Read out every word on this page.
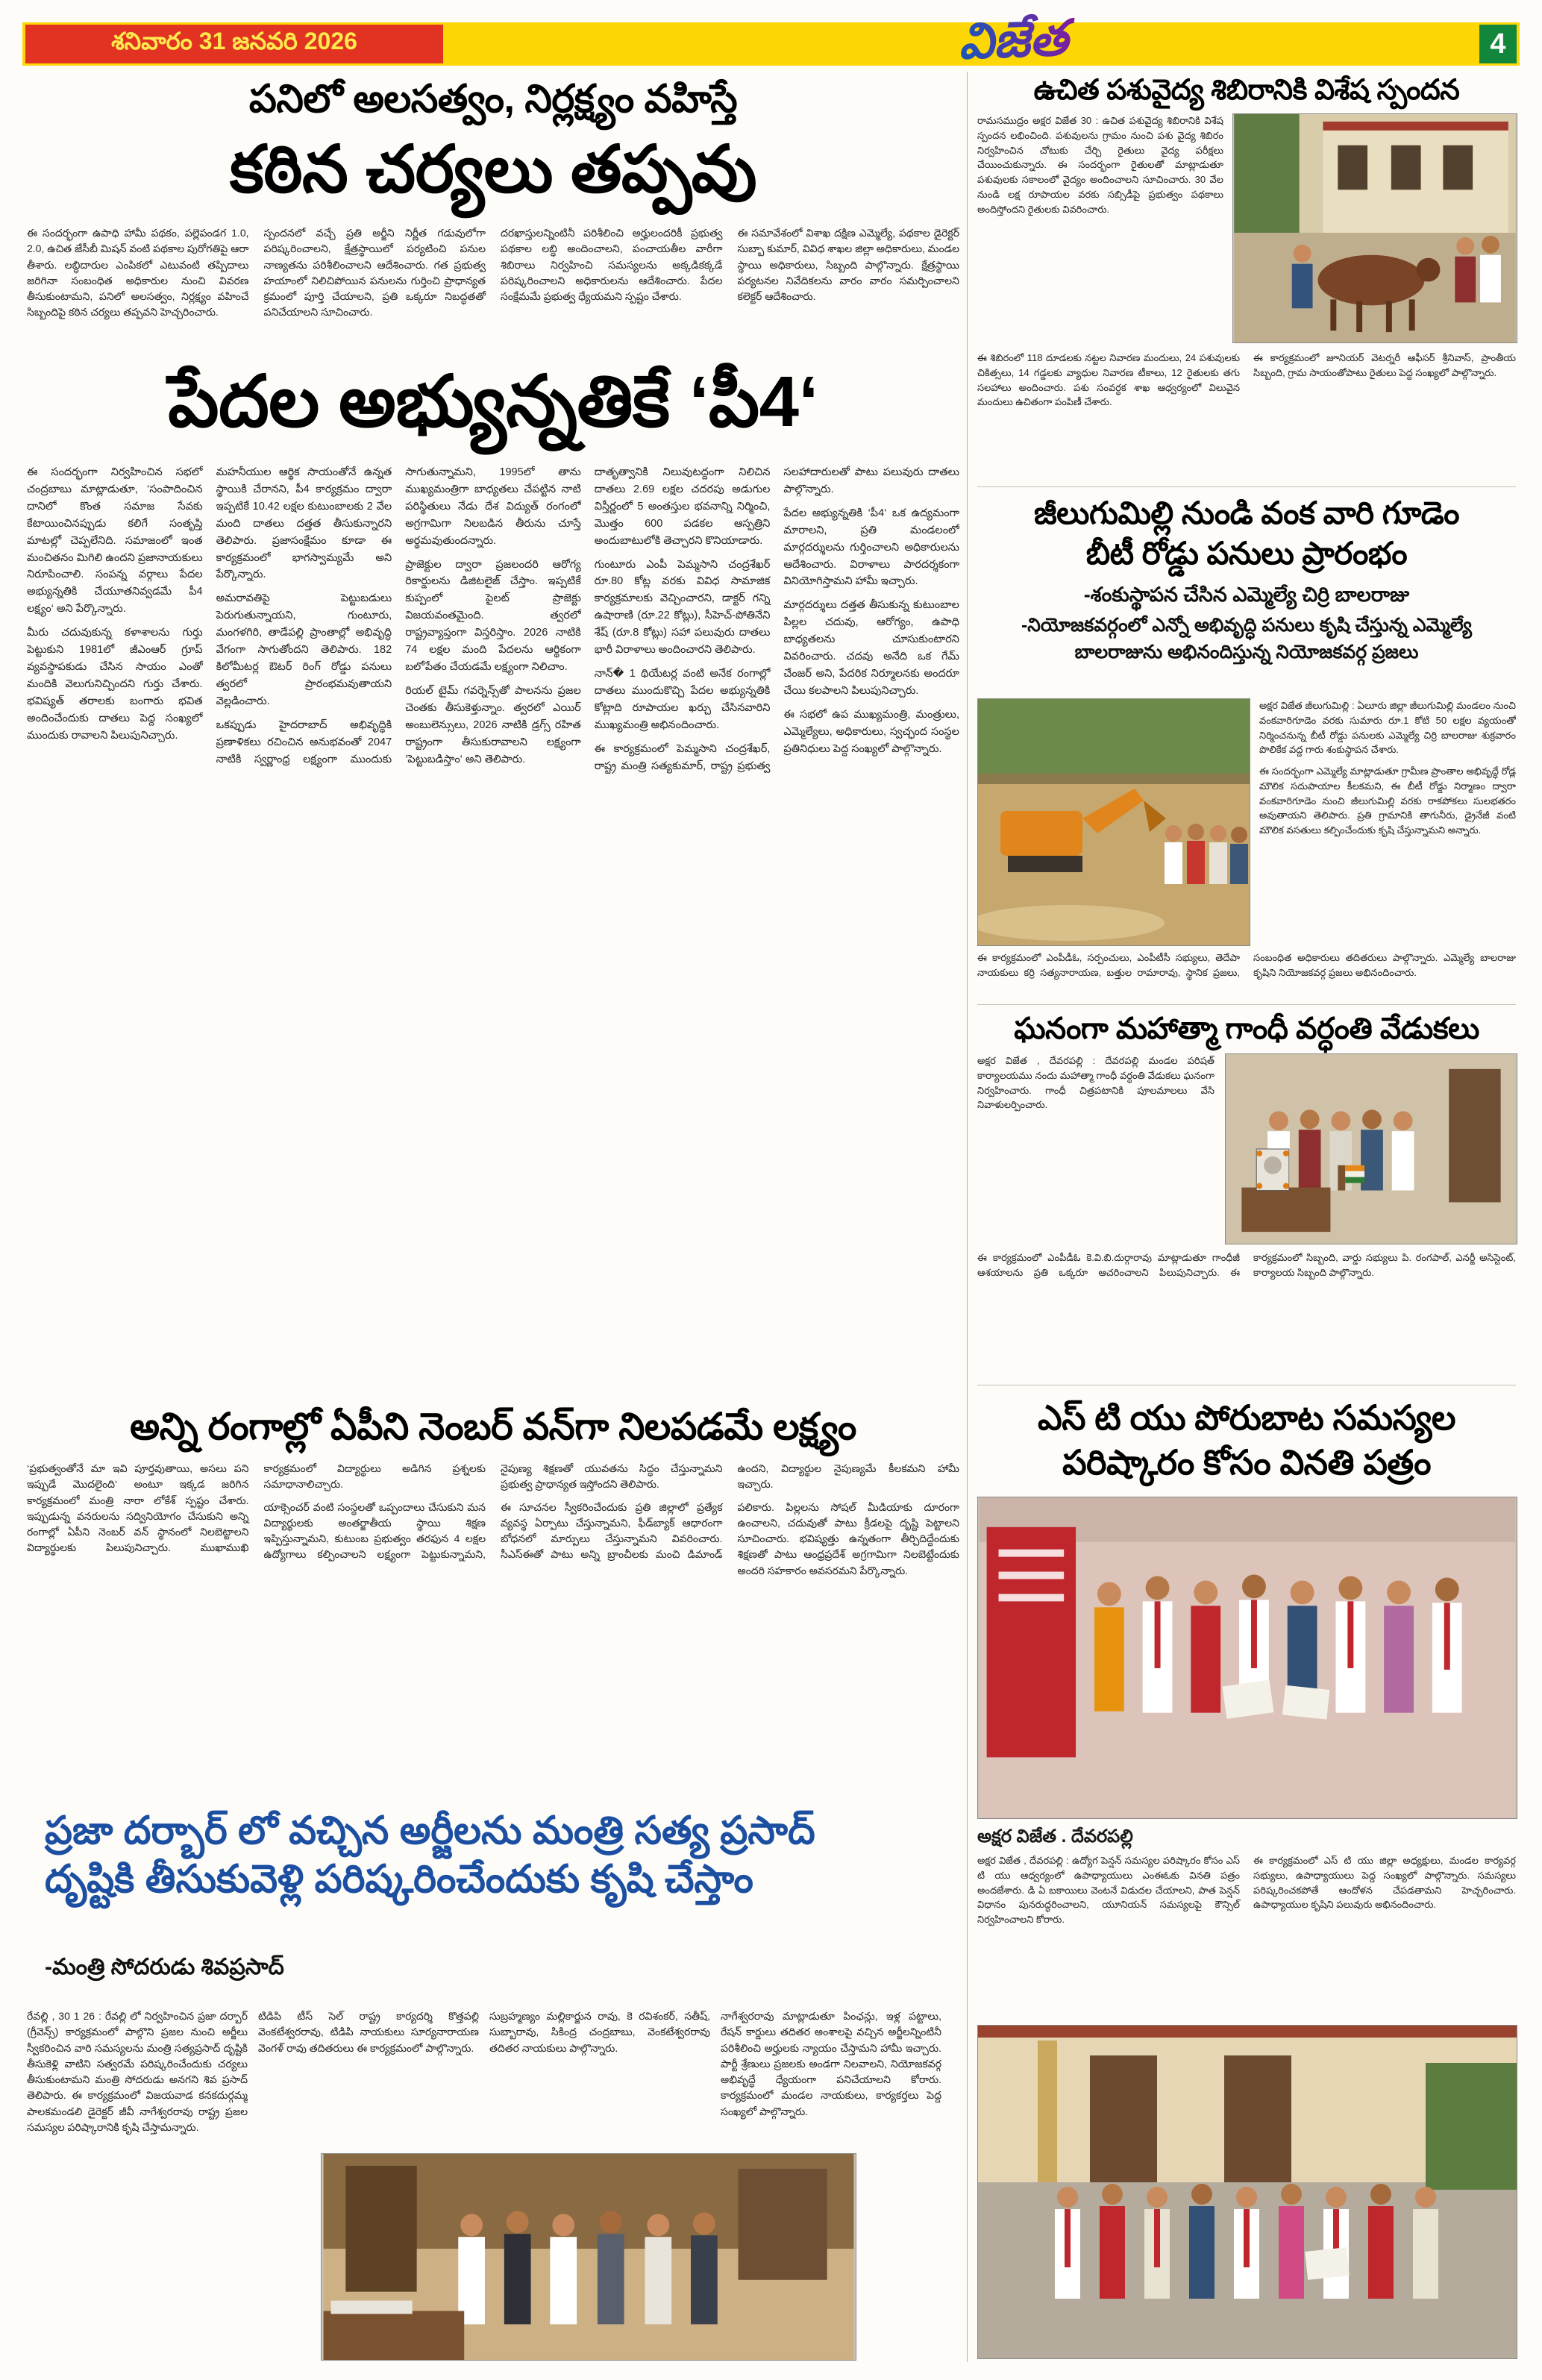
శనివారం 31 జనవరి 2026	విజేత	4
పనిలో అలసత్వం, నిర్లక్ష్యం వహిస్తే
కఠిన చర్యలు తప్పవు

ఈ సందర్భంగా ఉపాధి హామీ పథకం, పల్లెపండగ 1.0, 2.0, ఉచిత జేసీబీ మిషన్ వంటి పథకాల పురోగతిపై ఆరా తీశారు. లబ్ధిదారుల ఎంపికలో ఎటువంటి తప్పిదాలు జరిగినా సంబంధిత అధికారుల నుంచి వివరణ తీసుకుంటామని, పనిలో అలసత్వం, నిర్లక్ష్యం వహించే సిబ్బందిపై కఠిన చర్యలు తప్పవని హెచ్చరించారు.

స్పందనలో వచ్చే ప్రతి అర్జీని నిర్ణీత గడువులోగా పరిష్కరించాలని, క్షేత్రస్థాయిలో పర్యటించి పనుల నాణ్యతను పరిశీలించాలని ఆదేశించారు. గత ప్రభుత్వ హయాంలో నిలిచిపోయిన పనులను గుర్తించి ప్రాధాన్యత క్రమంలో పూర్తి చేయాలని, ప్రతి ఒక్కరూ నిబద్ధతతో పనిచేయాలని సూచించారు.

దరఖాస్తులన్నింటినీ పరిశీలించి అర్హులందరికీ ప్రభుత్వ పథకాల లబ్ధి అందించాలని, పంచాయతీల వారీగా శిబిరాలు నిర్వహించి సమస్యలను అక్కడికక్కడే పరిష్కరించాలని అధికారులను ఆదేశించారు. పేదల సంక్షేమమే ప్రభుత్వ ధ్యేయమని స్పష్టం చేశారు.

ఈ సమావేశంలో విశాఖ దక్షిణ ఎమ్మెల్యే, పథకాల డైరెక్టర్ సుబ్బా కుమార్, వివిధ శాఖల జిల్లా అధికారులు, మండల స్థాయి అధికారులు, సిబ్బంది పాల్గొన్నారు. క్షేత్రస్థాయి పర్యటనల నివేదికలను వారం వారం సమర్పించాలని కలెక్టర్ ఆదేశించారు.

పేదల అభ్యున్నతికే ‘పీ4‘

ఈ సందర్భంగా నిర్వహించిన సభలో చంద్రబాబు మాట్లాడుతూ, ‘సంపాదించిన దానిలో కొంత సమాజ సేవకు కేటాయించినప్పుడు కలిగే సంతృప్తి మాటల్లో చెప్పలేనిది. సమాజంలో ఇంత మంచితనం మిగిలి ఉందని ప్రజానాయకులు నిరూపించాలి. సంపన్న వర్గాలు పేదల అభ్యున్నతికి చేయూతనివ్వడమే పీ4 లక్ష్యం‘ అని పేర్కొన్నారు.

మీరు చదువుకున్న కళాశాలను గుర్తు పెట్టుకుని 1981లో జీఎంఆర్ గ్రూప్ వ్యవస్థాపకుడు చేసిన సాయం ఎంతో మందికి వెలుగునిచ్చిందని గుర్తు చేశారు. భవిష్యత్ తరాలకు బంగారు భవిత అందించేందుకు దాతలు పెద్ద సంఖ్యలో ముందుకు రావాలని పిలుపునిచ్చారు.

మహనీయుల ఆర్థిక సాయంతోనే ఉన్నత స్థాయికి చేరానని, పీ4 కార్యక్రమం ద్వారా ఇప్పటికే 10.42 లక్షల కుటుంబాలకు 2 వేల మంది దాతలు దత్తత తీసుకున్నారని తెలిపారు. ప్రజాసంక్షేమం కూడా ఈ కార్యక్రమంలో భాగస్వామ్యమే అని పేర్కొన్నారు.

అమరావతిపై పెట్టుబడులు పెరుగుతున్నాయని, గుంటూరు, మంగళగిరి, తాడేపల్లి ప్రాంతాల్లో అభివృద్ధి వేగంగా సాగుతోందని తెలిపారు. 182 కిలోమీటర్ల ఔటర్ రింగ్ రోడ్డు పనులు త్వరలో ప్రారంభమవుతాయని వెల్లడించారు.

ఒకప్పుడు హైదరాబాద్ అభివృద్ధికి ప్రణాళికలు రచించిన అనుభవంతో 2047 నాటికి స్వర్ణాంధ్ర లక్ష్యంగా ముందుకు సాగుతున్నామని, 1995లో తాను ముఖ్యమంత్రిగా బాధ్యతలు చేపట్టిన నాటి పరిస్థితులు నేడు దేశ విద్యుత్ రంగంలో అగ్రగామిగా నిలబడిన తీరును చూస్తే అర్థమవుతుందన్నారు.

ప్రాజెక్టుల ద్వారా ప్రజలందరి ఆరోగ్య రికార్డులను డిజిటలైజ్ చేస్తాం. ఇప్పటికే కుప్పంలో పైలట్ ప్రాజెక్టు విజయవంతమైంది. త్వరలో రాష్ట్రవ్యాప్తంగా విస్తరిస్తాం. 2026 నాటికి 74 లక్షల మంది పేదలను ఆర్థికంగా బలోపేతం చేయడమే లక్ష్యంగా నిలిచాం.

రియల్ టైమ్ గవర్నెన్స్‌తో పాలనను ప్రజల చెంతకు తీసుకెళ్తున్నాం. త్వరలో ఎయిర్ అంబులెన్సులు, 2026 నాటికి డ్రగ్స్ రహిత రాష్ట్రంగా తీసుకురావాలని లక్ష్యంగా ‘పెట్టుబడిస్తాం‘ అని తెలిపారు.

దాతృత్వానికి నిలువుటద్దంగా నిలిచిన దాతలు 2.69 లక్షల చదరపు అడుగుల విస్తీర్ణంలో 5 అంతస్తుల భవనాన్ని నిర్మించి, మొత్తం 600 పడకల ఆస్పత్రిని అందుబాటులోకి తెచ్చారని కొనియాడారు.

గుంటూరు ఎంపీ పెమ్మసాని చంద్రశేఖర్ రూ.80 కోట్ల వరకు వివిధ సామాజిక కార్యక్రమాలకు వెచ్చించారని, డాక్టర్ గన్ని ఉషారాణి (రూ.22 కోట్లు), సీహెచ్-పోతినేని శేష్ (రూ.8 కోట్లు) సహా పలువురు దాతలు భారీ విరాళాలు అందించారని తెలిపారు.

నాన్� 1 థియేటర్ల వంటి అనేక రంగాల్లో దాతలు ముందుకొచ్చి పేదల అభ్యున్నతికి కోట్లాది రూపాయల ఖర్చు చేసినవారిని ముఖ్యమంత్రి అభినందించారు.

ఈ కార్యక్రమంలో పెమ్మసాని చంద్రశేఖర్, రాష్ట్ర మంత్రి సత్యకుమార్, రాష్ట్ర ప్రభుత్వ సలహాదారులతో పాటు పలువురు దాతలు పాల్గొన్నారు.

పేదల అభ్యున్నతికి ‘పీ4‘ ఒక ఉద్యమంగా మారాలని, ప్రతి మండలంలో మార్గదర్శులను గుర్తించాలని అధికారులను ఆదేశించారు. విరాళాలు పారదర్శకంగా వినియోగిస్తామని హామీ ఇచ్చారు.

మార్గదర్శులు దత్తత తీసుకున్న కుటుంబాల పిల్లల చదువు, ఆరోగ్యం, ఉపాధి బాధ్యతలను చూసుకుంటారని వివరించారు. చదవు అనేది ఒక గేమ్ చేంజర్ అని, పేదరిక నిర్మూలనకు అందరూ చేయి కలపాలని పిలుపునిచ్చారు.

ఈ సభలో ఉప ముఖ్యమంత్రి, మంత్రులు, ఎమ్మెల్యేలు, అధికారులు, స్వచ్ఛంద సంస్థల ప్రతినిధులు పెద్ద సంఖ్యలో పాల్గొన్నారు.

అన్ని రంగాల్లో ఏపీని నెంబర్ వన్‌గా నిలపడమే లక్ష్యం

‘ప్రభుత్వంతోనే మా ఇవి పూర్తవుతాయి, అసలు పని ఇప్పుడే మొదలైంది‘ అంటూ ఇక్కడ జరిగిన కార్యక్రమంలో మంత్రి నారా లోకేశ్ స్పష్టం చేశారు. ఇప్పుడున్న వనరులను సద్వినియోగం చేసుకుని అన్ని రంగాల్లో ఏపీని నెంబర్ వన్ స్థానంలో నిలబెట్టాలని విద్యార్థులకు పిలుపునిచ్చారు. ముఖాముఖి కార్యక్రమంలో విద్యార్థులు అడిగిన ప్రశ్నలకు సమాధానాలిచ్చారు.

యాక్సెంచర్ వంటి సంస్థలతో ఒప్పందాలు చేసుకుని మన విద్యార్థులకు అంతర్జాతీయ స్థాయి శిక్షణ ఇప్పిస్తున్నామని, కుటుంబ ప్రభుత్వం తరఫున 4 లక్షల ఉద్యోగాలు కల్పించాలని లక్ష్యంగా పెట్టుకున్నామని, నైపుణ్య శిక్షణతో యువతను సిద్ధం చేస్తున్నామని ప్రభుత్వ ప్రాధాన్యత ఇస్తోందని తెలిపారు.

ఈ సూచనల స్వీకరించేందుకు ప్రతి జిల్లాలో ప్రత్యేక వ్యవస్థ ఏర్పాటు చేస్తున్నామని, ఫీడ్‌బ్యాక్ ఆధారంగా బోధనలో మార్పులు చేస్తున్నామని వివరించారు. సీఎస్ఈతో పాటు అన్ని బ్రాంచీలకు మంచి డిమాండ్ ఉందని, విద్యార్థుల నైపుణ్యమే కీలకమని హామీ ఇచ్చారు.

పలికారు. పిల్లలను సోషల్ మీడియాకు దూరంగా ఉంచాలని, చదువుతో పాటు క్రీడలపై దృష్టి పెట్టాలని సూచించారు. భవిష్యత్తు ఉన్నతంగా తీర్చిదిద్దేందుకు శిక్షణతో పాటు ఆంధ్రప్రదేశ్ అగ్రగామిగా నిలబెట్టేందుకు అందరి సహకారం అవసరమని పేర్కొన్నారు.

ప్రజా దర్బార్ లో వచ్చిన అర్జీలను మంత్రి సత్య ప్రసాద్
దృష్టికి తీసుకువెళ్లి పరిష్కరించేందుకు కృషి చేస్తాం
-మంత్రి సోదరుడు శివప్రసాద్

రేవల్లి , 30 1 26 : రేవల్లి లో నిర్వహించిన ప్రజా దర్బార్ (గ్రీవెన్స్) కార్యక్రమంలో పాల్గొని ప్రజల నుంచి అర్జీలు స్వీకరించిన వారి సమస్యలను మంత్రి సత్యప్రసాద్ దృష్టికి తీసుకెళ్లి వాటిని సత్వరమే పరిష్కరించేందుకు చర్యలు తీసుకుంటామని మంత్రి సోదరుడు అనగని శివ ప్రసాద్ తెలిపారు. ఈ కార్యక్రమంలో విజయవాడ కనకదుర్గమ్మ పాలకమండలి డైరెక్టర్ జీవీ నాగేశ్వరరావు రాష్ట్ర ప్రజల సమస్యల పరిష్కారానికి కృషి చేస్తామన్నారు.

టిడిపి టీస్ సెల్ రాష్ట్ర కార్యదర్శి కొత్తపల్లి వెంకటేశ్వరరావు, టిడిపి నాయకులు సూర్యనారాయణ వెంగళ్ రావు తదితరులు ఈ కార్యక్రమంలో పాల్గొన్నారు.

సుబ్రహ్మణ్యం మల్లికార్జున రావు, కె రవిశంకర్, సతీష్, సుబ్బారావు, సికింద్ర చంద్రబాబు, వెంకటేశ్వరరావు తదితర నాయకులు పాల్గొన్నారు.

నాగేశ్వరరావు మాట్లాడుతూ పింఛన్లు, ఇళ్ల పట్టాలు, రేషన్ కార్డులు తదితర అంశాలపై వచ్చిన అర్జీలన్నింటినీ పరిశీలించి అర్హులకు న్యాయం చేస్తామని హామీ ఇచ్చారు. పార్టీ శ్రేణులు ప్రజలకు అండగా నిలవాలని, నియోజకవర్గ అభివృద్ధే ధ్యేయంగా పనిచేయాలని కోరారు. కార్యక్రమంలో మండల నాయకులు, కార్యకర్తలు పెద్ద సంఖ్యలో పాల్గొన్నారు.

ఉచిత పశువైద్య శిబిరానికి విశేష స్పందన

రామసముద్రం అక్షర విజేత 30 : ఉచిత పశువైద్య శిబిరానికి విశేష స్పందన లభించింది. పశువులను గ్రామం నుంచి పశు వైద్య శిబిరం నిర్వహించిన చోటుకు చేర్చి రైతులు వైద్య పరీక్షలు చేయించుకున్నారు. ఈ సందర్భంగా రైతులతో మాట్లాడుతూ పశువులకు సకాలంలో వైద్యం అందించాలని సూచించారు. 30 వేల నుండి లక్ష రూపాయల వరకు సబ్సిడీపై ప్రభుత్వం పథకాలు అందిస్తోందని రైతులకు వివరించారు.

ఈ శిబిరంలో 118 దూడలకు నట్టల నివారణ మందులు, 24 పశువులకు చికిత్సలు, 14 గడ్డలకు వ్యాధుల నివారణ టీకాలు, 12 రైతులకు తగు సలహాలు అందించారు. పశు సంవర్ధక శాఖ ఆధ్వర్యంలో విలువైన మందులు ఉచితంగా పంపిణీ చేశారు.

ఈ కార్యక్రమంలో జూనియర్ వెటర్నరీ ఆఫీసర్ శ్రీనివాస్, ప్రాంతీయ సిబ్బంది, గ్రామ సాయంతోపాటు రైతులు పెద్ద సంఖ్యలో పాల్గొన్నారు.

జీలుగుమిల్లి నుండి వంక వారి గూడెం
బీటీ రోడ్డు పనులు ప్రారంభం
-శంకుస్థాపన చేసిన ఎమ్మెల్యే చిర్రి బాలరాజు
-నియోజకవర్గంలో ఎన్నో అభివృద్ధి పనులు కృషి చేస్తున్న ఎమ్మెల్యే
బాలరాజును అభినందిస్తున్న నియోజకవర్గ ప్రజలు

అక్షర విజేత జీలుగుమిల్లి : ఏలూరు జిల్లా జీలుగుమిల్లి మండలం నుంచి వంకవారిగూడెం వరకు సుమారు రూ.1 కోటి 50 లక్షల వ్యయంతో నిర్మించనున్న బీటీ రోడ్డు పనులకు ఎమ్మెల్యే చిర్రి బాలరాజు శుక్రవారం పొలికేక వద్ద గారు శంకుస్థాపన చేశారు.

ఈ సందర్భంగా ఎమ్మెల్యే మాట్లాడుతూ గ్రామీణ ప్రాంతాల అభివృద్ధే రోడ్ల మౌలిక సదుపాయాల కీలకమని, ఈ బీటీ రోడ్డు నిర్మాణం ద్వారా వంకవారిగూడెం నుంచి జీలుగుమిల్లి వరకు రాకపోకలు సులభతరం అవుతాయని తెలిపారు. ప్రతి గ్రామానికి తాగునీరు, డ్రైనేజీ వంటి మౌలిక వసతులు కల్పించేందుకు కృషి చేస్తున్నామని అన్నారు.

ఈ కార్యక్రమంలో ఎంపీడీఓ, సర్పంచులు, ఎంపీటీసీ సభ్యులు, తెదేపా నాయకులు కర్రి సత్యనారాయణ, బత్తుల రామారావు, స్థానిక ప్రజలు, సంబంధిత అధికారులు తదితరులు పాల్గొన్నారు. ఎమ్మెల్యే బాలరాజు కృషిని నియోజకవర్గ ప్రజలు అభినందించారు.

ఘనంగా మహాత్మా గాంధీ వర్ధంతి వేడుకలు

అక్షర విజేత , దేవరపల్లి : దేవరపల్లి మండల పరిషత్ కార్యాలయము నందు మహాత్మా గాంధీ వర్ధంతి వేడుకలు ఘనంగా నిర్వహించారు. గాంధీ చిత్రపటానికి పూలమాలలు వేసి నివాళులర్పించారు.

ఈ కార్యక్రమంలో ఎంపీడీఓ కె.వి.బి.దుర్గారావు మాట్లాడుతూ గాంధీజీ ఆశయాలను ప్రతి ఒక్కరూ ఆచరించాలని పిలుపునిచ్చారు. ఈ కార్యక్రమంలో సిబ్బంది, వార్డు సభ్యులు పి. రంగపాల్, ఎనర్జీ అసిస్టెంట్, కార్యాలయ సిబ్బంది పాల్గొన్నారు.

ఎస్ టి యు పోరుబాట సమస్యల
పరిష్కారం కోసం వినతి పత్రం
అక్షర విజేత . దేవరపల్లి

అక్షర విజేత , దేవరపల్లి : ఉద్యోగ పెన్షన్ సమస్యల పరిష్కారం కోసం ఎస్ టి యు ఆధ్వర్యంలో ఉపాధ్యాయులు ఎంఈఓకు వినతి పత్రం అందజేశారు. డి ఏ బకాయిలు వెంటనే విడుదల చేయాలని, పాత పెన్షన్ విధానం పునరుద్ధరించాలని, యూనియన్ సమస్యలపై కౌన్సిల్ నిర్వహించాలని కోరారు.

ఈ కార్యక్రమంలో ఎస్ టి యు జిల్లా అధ్యక్షులు, మండల కార్యవర్గ సభ్యులు, ఉపాధ్యాయులు పెద్ద సంఖ్యలో పాల్గొన్నారు. సమస్యలు పరిష్కరించకపోతే ఆందోళన చేపడతామని హెచ్చరించారు. ఉపాధ్యాయుల కృషిని పలువురు అభినందించారు.
